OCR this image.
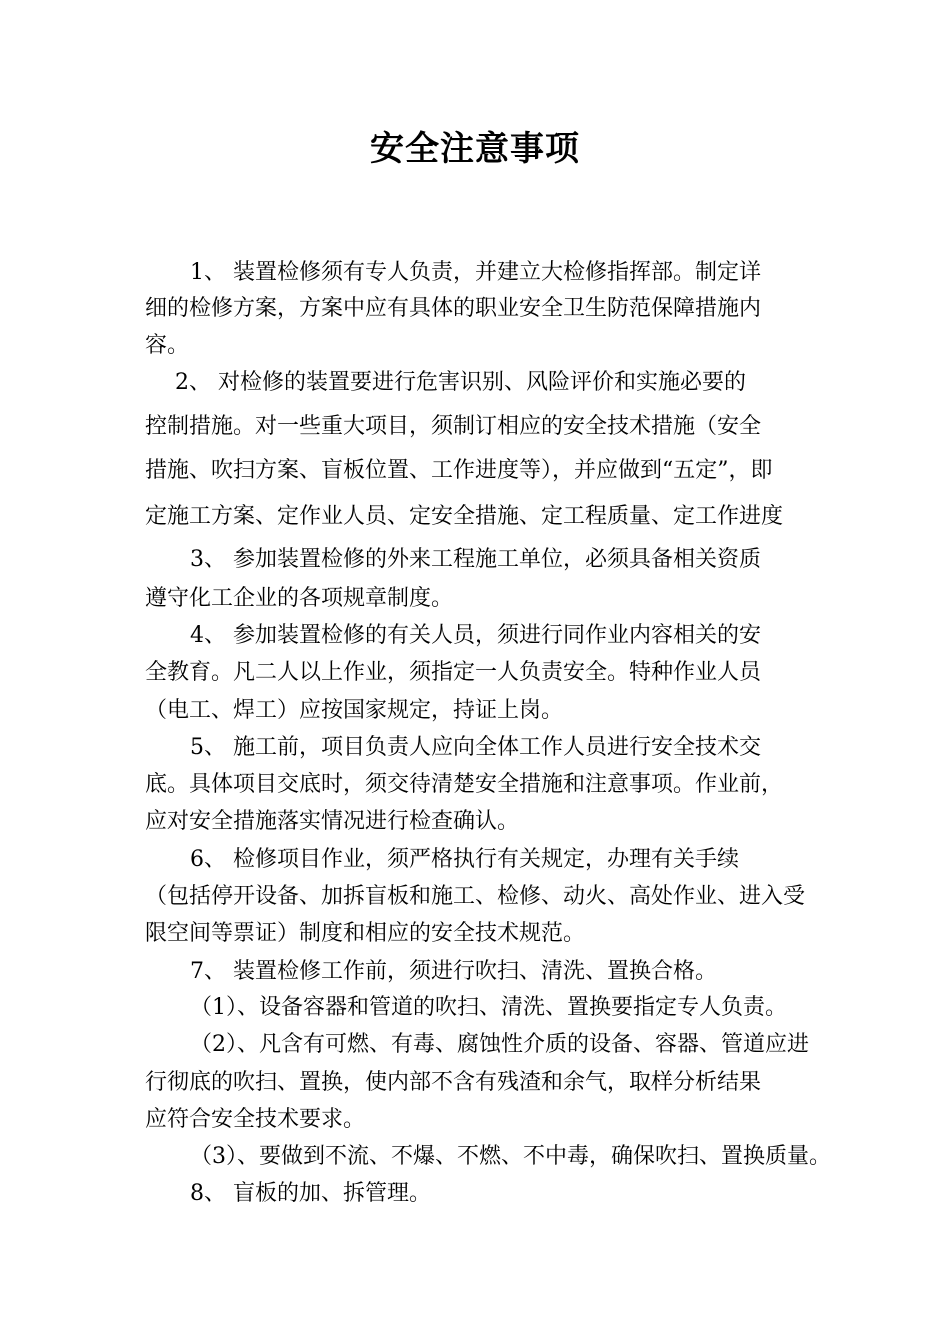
安全注意事项
1、 装置检修须有专人负责，并建立大检修指挥部。制定详
细的检修方案，方案中应有具体的职业安全卫生防范保障措施内
容。
2、 对检修的装置要进行危害识别、风险评价和实施必要的
控制措施。对一些重大项目，须制订相应的安全技术措施（安全
措施、吹扫方案、盲板位置、工作进度等），并应做到“五定”，即
定施工方案、定作业人员、定安全措施、定工程质量、定工作进度
3、 参加装置检修的外来工程施工单位，必须具备相关资质
遵守化工企业的各项规章制度。
4、 参加装置检修的有关人员，须进行同作业内容相关的安
全教育。凡二人以上作业，须指定一人负责安全。特种作业人员
（电工、焊工）应按国家规定，持证上岗。
5、 施工前，项目负责人应向全体工作人员进行安全技术交
底。具体项目交底时，须交待清楚安全措施和注意事项。作业前，
应对安全措施落实情况进行检查确认。
6、 检修项目作业，须严格执行有关规定，办理有关手续
（包括停开设备、加拆盲板和施工、检修、动火、高处作业、进入受
限空间等票证）制度和相应的安全技术规范。
7、 装置检修工作前，须进行吹扫、清洗、置换合格。
（1）、设备容器和管道的吹扫、清洗、置换要指定专人负责。
（2）、凡含有可燃、有毒、腐蚀性介质的设备、容器、管道应进
行彻底的吹扫、置换，使内部不含有残渣和余气，取样分析结果
应符合安全技术要求。
（3）、要做到不流、不爆、不燃、不中毒，确保吹扫、置换质量。
8、 盲板的加、拆管理。
